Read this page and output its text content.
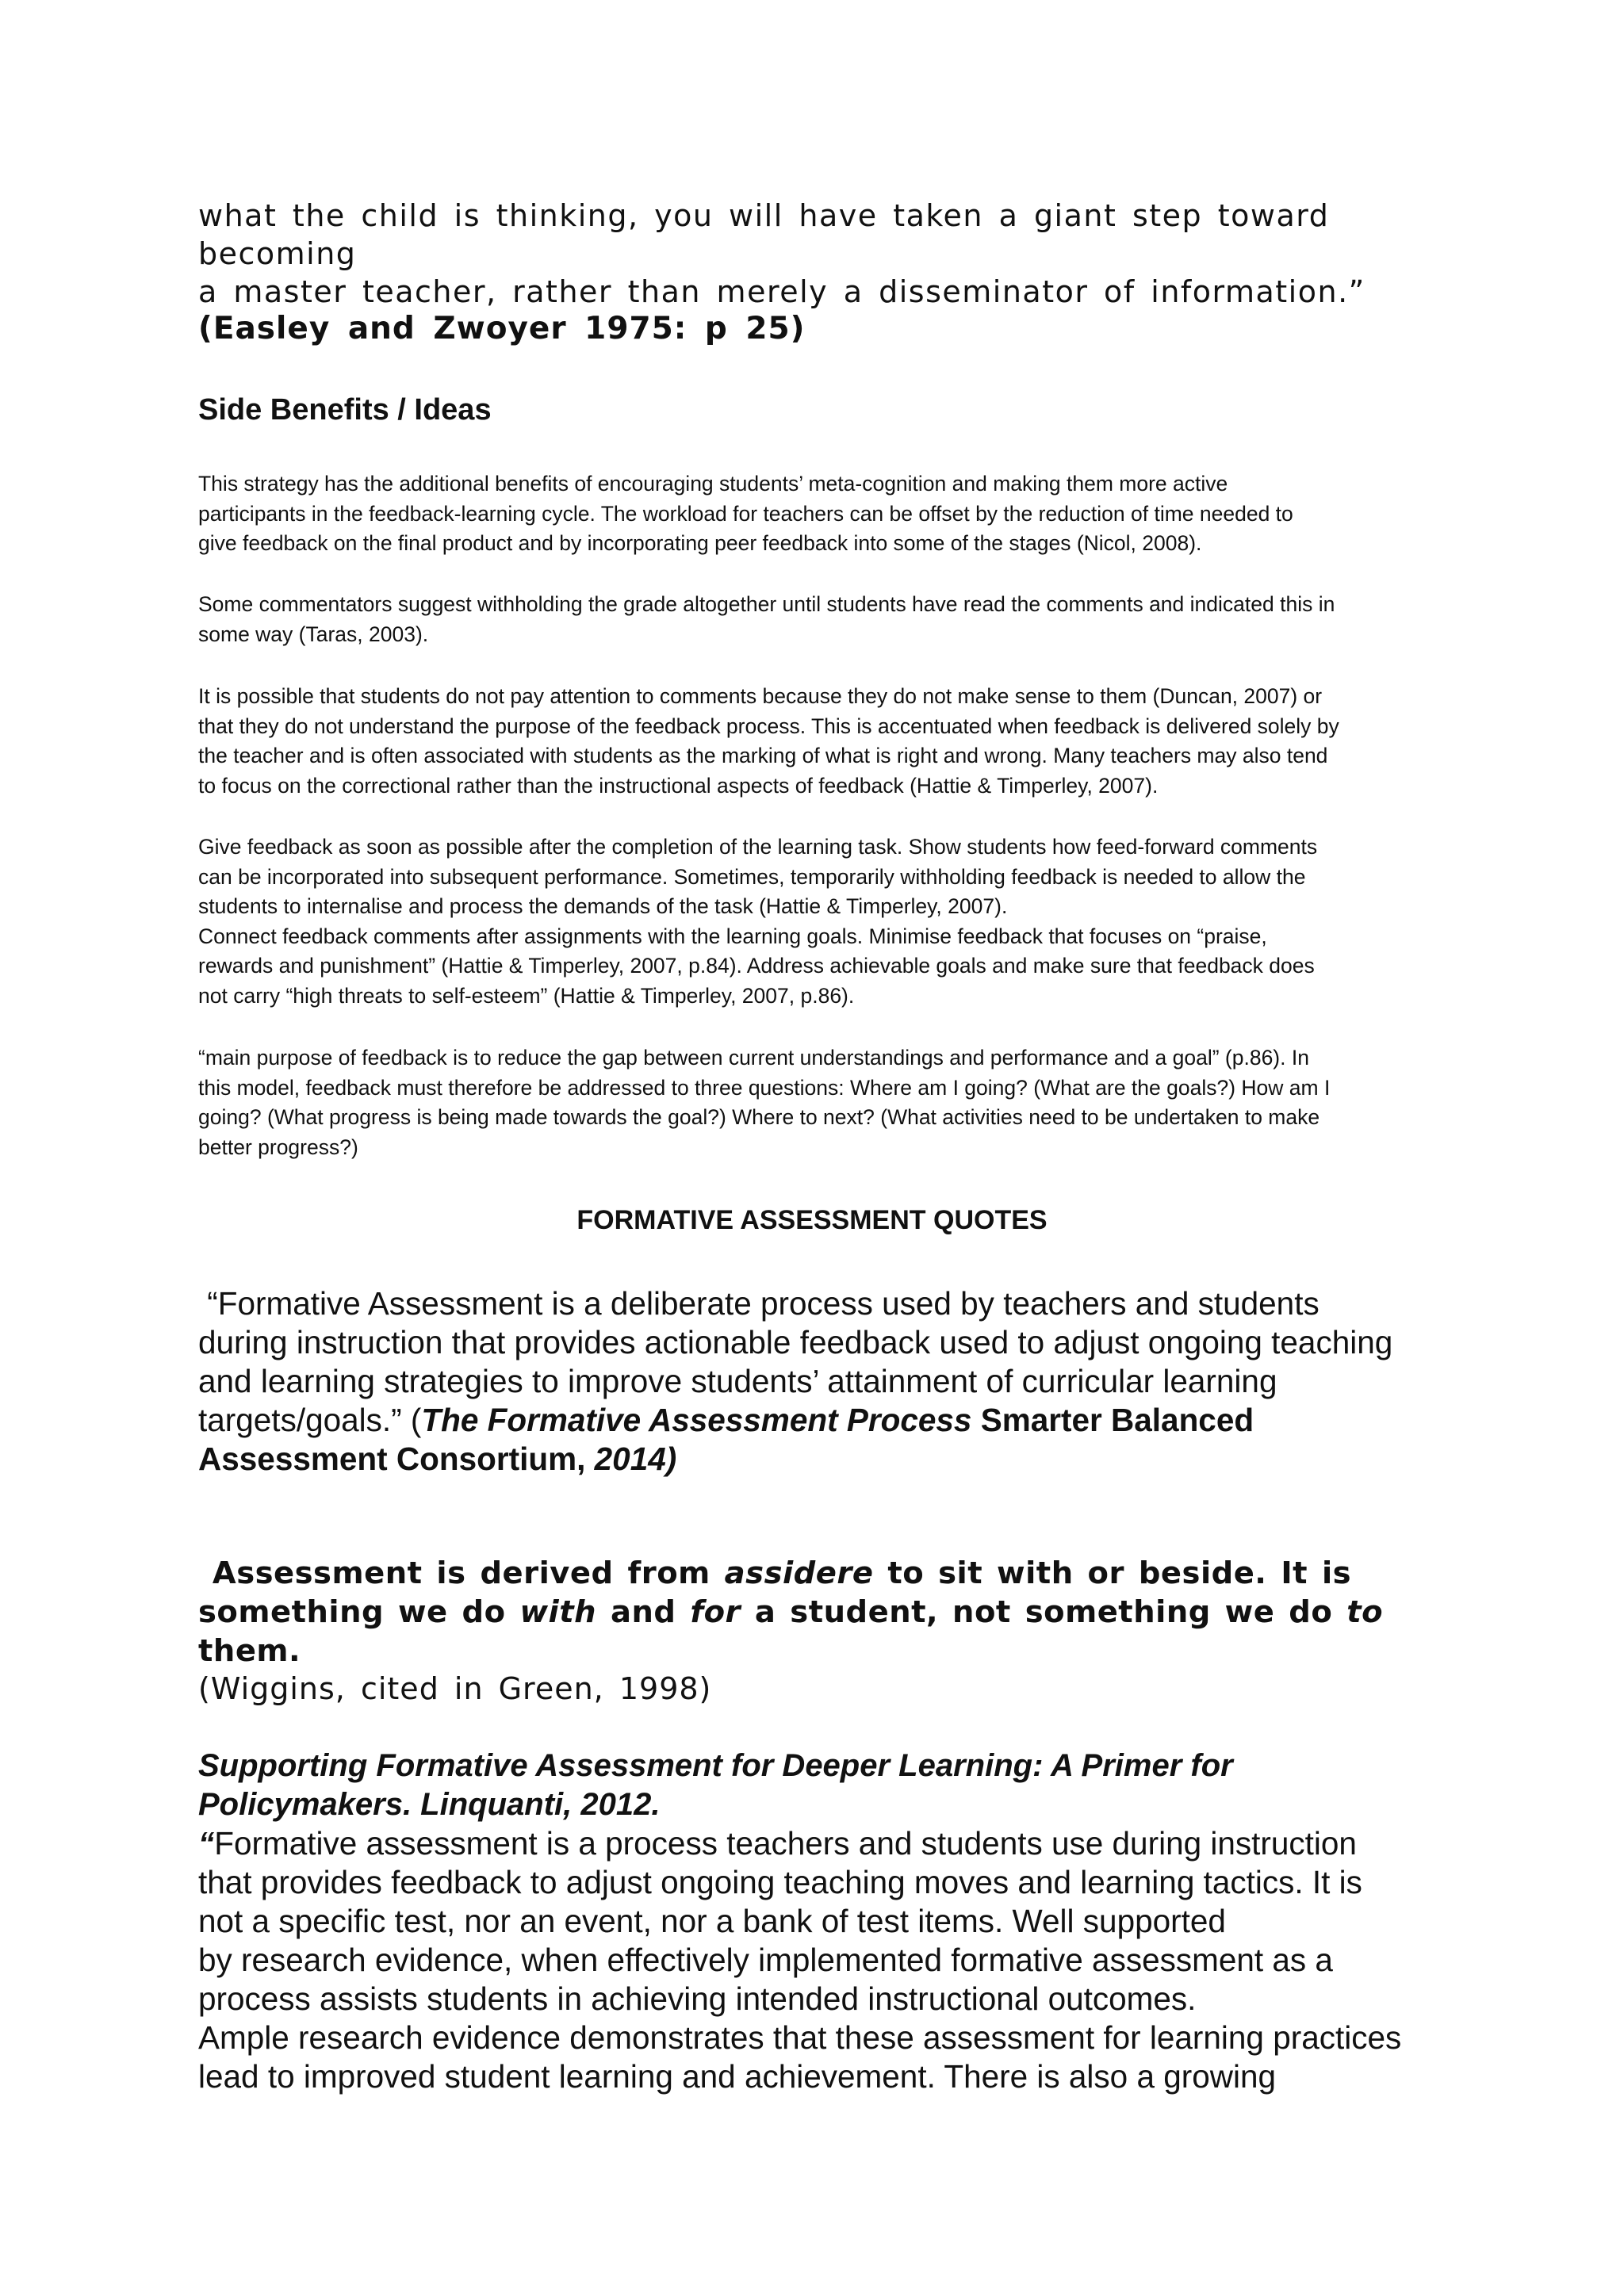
what the child is thinking, you will have taken a giant step toward becoming
a master teacher, rather than merely a disseminator of information.”
(Easley and Zwoyer 1975: p 25)
Side Benefits / Ideas

This strategy has the additional benefits of encouraging students’ meta-cognition and making them more active

participants in the feedback-learning cycle. The workload for teachers can be offset by the reduction of time needed to

give feedback on the final product and by incorporating peer feedback into some of the stages (Nicol, 2008).

Some commentators suggest withholding the grade altogether until students have read the comments and indicated this in

some way (Taras, 2003).

It is possible that students do not pay attention to comments because they do not make sense to them (Duncan, 2007) or

that they do not understand the purpose of the feedback process. This is accentuated when feedback is delivered solely by

the teacher and is often associated with students as the marking of what is right and wrong. Many teachers may also tend

to focus on the correctional rather than the instructional aspects of feedback (Hattie & Timperley, 2007).

Give feedback as soon as possible after the completion of the learning task. Show students how feed-forward comments

can be incorporated into subsequent performance. Sometimes, temporarily withholding feedback is needed to allow the

students to internalise and process the demands of the task (Hattie & Timperley, 2007).

Connect feedback comments after assignments with the learning goals. Minimise feedback that focuses on “praise,

rewards and punishment” (Hattie & Timperley, 2007, p.84). Address achievable goals and make sure that feedback does

not carry “high threats to self-esteem” (Hattie & Timperley, 2007, p.86).

“main purpose of feedback is to reduce the gap between current understandings and performance and a goal” (p.86). In

this model, feedback must therefore be addressed to three questions: Where am I going? (What are the goals?) How am I

going? (What progress is being made towards the goal?) Where to next? (What activities need to be undertaken to make

better progress?)

FORMATIVE ASSESSMENT QUOTES

“Formative Assessment is a deliberate process used by teachers and students

during instruction that provides actionable feedback used to adjust ongoing teaching

and learning strategies to improve students’ attainment of curricular learning

targets/goals.” (The Formative Assessment Process Smarter Balanced

Assessment Consortium, 2014)

Assessment is derived from assidere to sit with or beside. It is
something we do with and for a student, not something we do to
them.
(Wiggins, cited in Green, 1998)
Supporting Formative Assessment for Deeper Learning: A Primer for
Policymakers. Linquanti, 2012.

“Formative assessment is a process teachers and students use during instruction

that provides feedback to adjust ongoing teaching moves and learning tactics. It is

not a specific test, nor an event, nor a bank of test items. Well supported

by research evidence, when effectively implemented formative assessment as a

process assists students in achieving intended instructional outcomes.

Ample research evidence demonstrates that these assessment for learning practices

lead to improved student learning and achievement. There is also a growing
